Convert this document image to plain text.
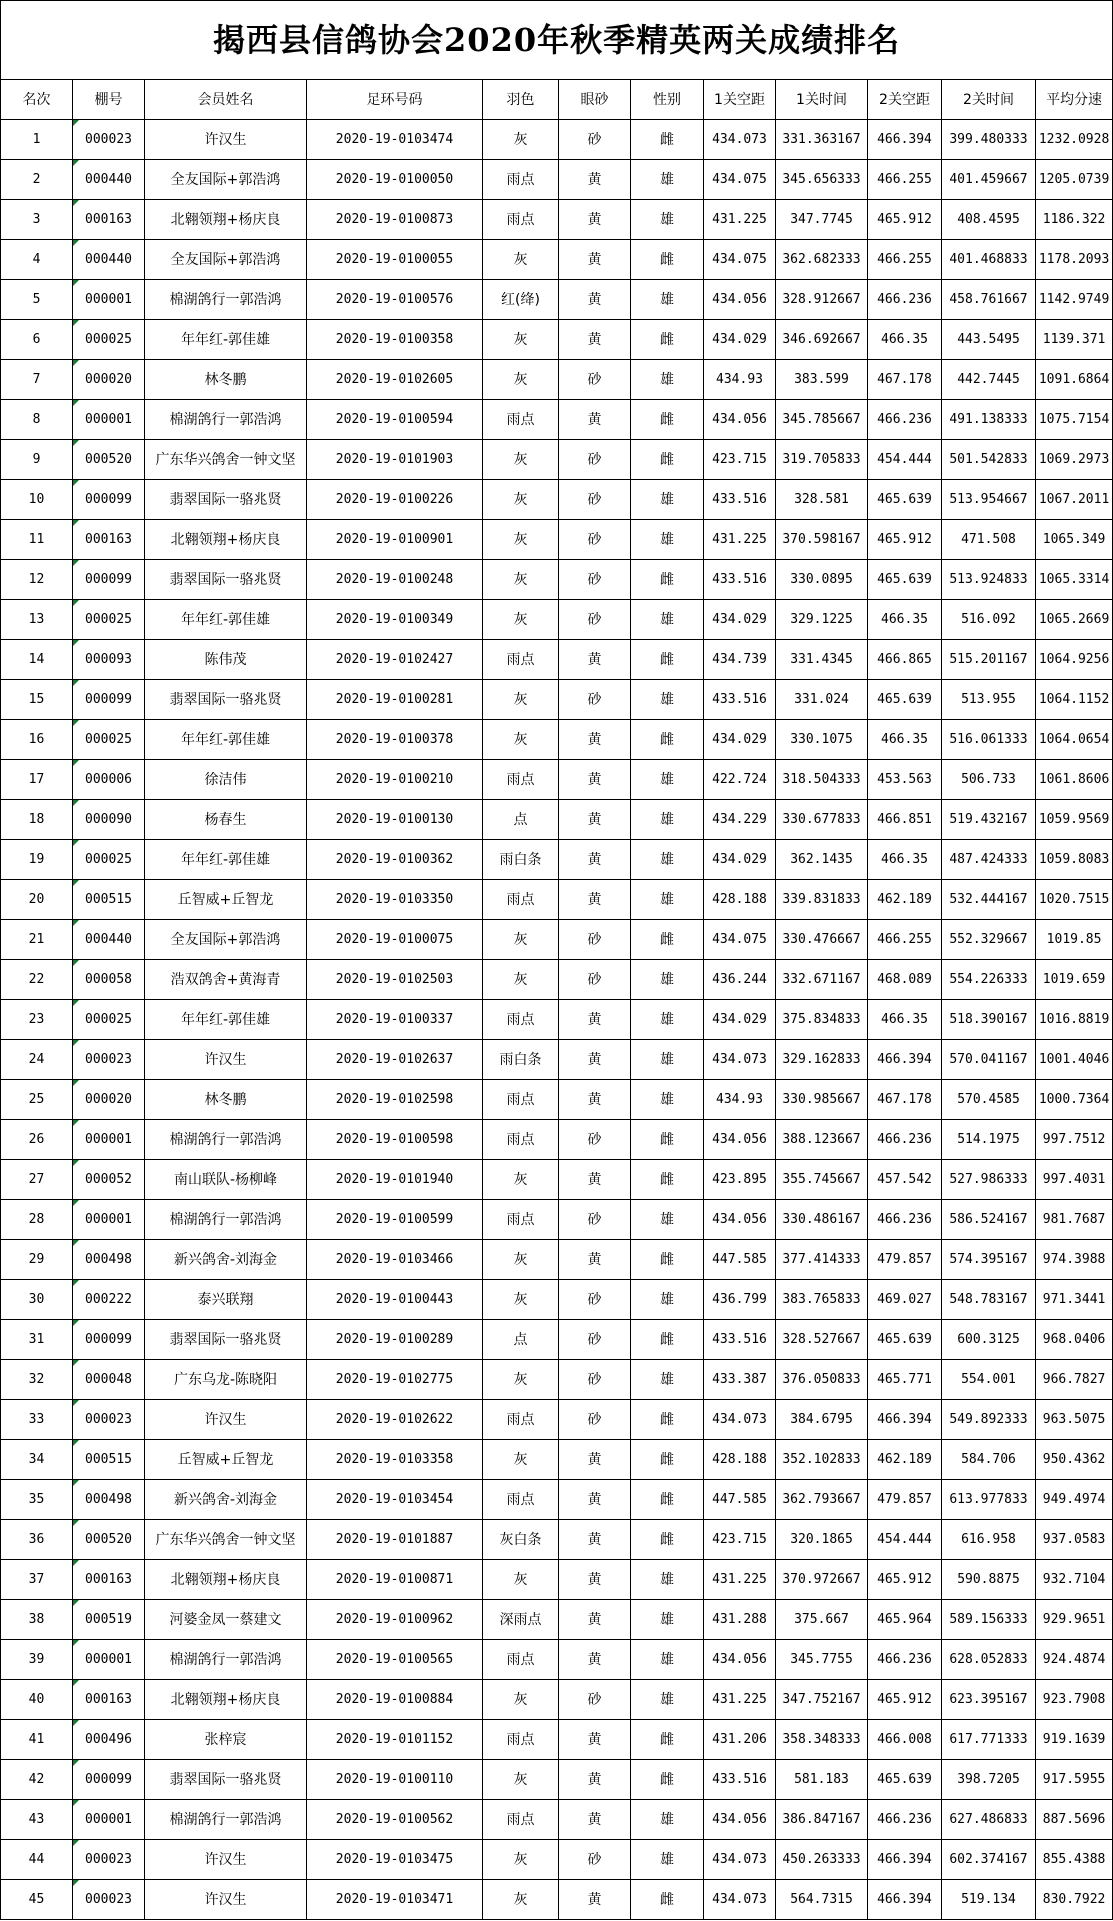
揭西县信鸽协会2020年秋季精英两关成绩排名											
名次	棚号	会员姓名	足环号码	羽色	眼砂	性别	1关空距	1关时间	2关空距	2关时间	平均分速
1	000023	许汉生	2020-19-0103474	灰	砂	雌	434.073	331.363167	466.394	399.480333	1232.0928
2	000440	全友国际+郭浩鸿	2020-19-0100050	雨点	黄	雄	434.075	345.656333	466.255	401.459667	1205.0739
3	000163	北翱领翔+杨庆良	2020-19-0100873	雨点	黄	雄	431.225	347.7745	465.912	408.4595	1186.322
4	000440	全友国际+郭浩鸿	2020-19-0100055	灰	黄	雌	434.075	362.682333	466.255	401.468833	1178.2093
5	000001	棉湖鸽行一郭浩鸿	2020-19-0100576	红(绛)	黄	雄	434.056	328.912667	466.236	458.761667	1142.9749
6	000025	年年红-郭佳雄	2020-19-0100358	灰	黄	雌	434.029	346.692667	466.35	443.5495	1139.371
7	000020	林冬鹏	2020-19-0102605	灰	砂	雄	434.93	383.599	467.178	442.7445	1091.6864
8	000001	棉湖鸽行一郭浩鸿	2020-19-0100594	雨点	黄	雌	434.056	345.785667	466.236	491.138333	1075.7154
9	000520	广东华兴鸽舍一钟文坚	2020-19-0101903	灰	砂	雌	423.715	319.705833	454.444	501.542833	1069.2973
10	000099	翡翠国际一骆兆贤	2020-19-0100226	灰	砂	雄	433.516	328.581	465.639	513.954667	1067.2011
11	000163	北翱领翔+杨庆良	2020-19-0100901	灰	砂	雄	431.225	370.598167	465.912	471.508	1065.349
12	000099	翡翠国际一骆兆贤	2020-19-0100248	灰	砂	雌	433.516	330.0895	465.639	513.924833	1065.3314
13	000025	年年红-郭佳雄	2020-19-0100349	灰	砂	雄	434.029	329.1225	466.35	516.092	1065.2669
14	000093	陈伟茂	2020-19-0102427	雨点	黄	雌	434.739	331.4345	466.865	515.201167	1064.9256
15	000099	翡翠国际一骆兆贤	2020-19-0100281	灰	砂	雄	433.516	331.024	465.639	513.955	1064.1152
16	000025	年年红-郭佳雄	2020-19-0100378	灰	黄	雌	434.029	330.1075	466.35	516.061333	1064.0654
17	000006	徐洁伟	2020-19-0100210	雨点	黄	雄	422.724	318.504333	453.563	506.733	1061.8606
18	000090	杨春生	2020-19-0100130	点	黄	雄	434.229	330.677833	466.851	519.432167	1059.9569
19	000025	年年红-郭佳雄	2020-19-0100362	雨白条	黄	雄	434.029	362.1435	466.35	487.424333	1059.8083
20	000515	丘智威+丘智龙	2020-19-0103350	雨点	黄	雄	428.188	339.831833	462.189	532.444167	1020.7515
21	000440	全友国际+郭浩鸿	2020-19-0100075	灰	砂	雌	434.075	330.476667	466.255	552.329667	1019.85
22	000058	浩双鸽舍+黄海青	2020-19-0102503	灰	砂	雄	436.244	332.671167	468.089	554.226333	1019.659
23	000025	年年红-郭佳雄	2020-19-0100337	雨点	黄	雄	434.029	375.834833	466.35	518.390167	1016.8819
24	000023	许汉生	2020-19-0102637	雨白条	黄	雄	434.073	329.162833	466.394	570.041167	1001.4046
25	000020	林冬鹏	2020-19-0102598	雨点	黄	雄	434.93	330.985667	467.178	570.4585	1000.7364
26	000001	棉湖鸽行一郭浩鸿	2020-19-0100598	雨点	砂	雌	434.056	388.123667	466.236	514.1975	997.7512
27	000052	南山联队-杨柳峰	2020-19-0101940	灰	黄	雌	423.895	355.745667	457.542	527.986333	997.4031
28	000001	棉湖鸽行一郭浩鸿	2020-19-0100599	雨点	砂	雄	434.056	330.486167	466.236	586.524167	981.7687
29	000498	新兴鸽舍-刘海金	2020-19-0103466	灰	黄	雌	447.585	377.414333	479.857	574.395167	974.3988
30	000222	泰兴联翔	2020-19-0100443	灰	砂	雄	436.799	383.765833	469.027	548.783167	971.3441
31	000099	翡翠国际一骆兆贤	2020-19-0100289	点	砂	雌	433.516	328.527667	465.639	600.3125	968.0406
32	000048	广东乌龙-陈晓阳	2020-19-0102775	灰	砂	雄	433.387	376.050833	465.771	554.001	966.7827
33	000023	许汉生	2020-19-0102622	雨点	砂	雌	434.073	384.6795	466.394	549.892333	963.5075
34	000515	丘智威+丘智龙	2020-19-0103358	灰	黄	雌	428.188	352.102833	462.189	584.706	950.4362
35	000498	新兴鸽舍-刘海金	2020-19-0103454	雨点	黄	雌	447.585	362.793667	479.857	613.977833	949.4974
36	000520	广东华兴鸽舍一钟文坚	2020-19-0101887	灰白条	黄	雌	423.715	320.1865	454.444	616.958	937.0583
37	000163	北翱领翔+杨庆良	2020-19-0100871	灰	黄	雄	431.225	370.972667	465.912	590.8875	932.7104
38	000519	河婆金凤一蔡建文	2020-19-0100962	深雨点	黄	雄	431.288	375.667	465.964	589.156333	929.9651
39	000001	棉湖鸽行一郭浩鸿	2020-19-0100565	雨点	黄	雄	434.056	345.7755	466.236	628.052833	924.4874
40	000163	北翱领翔+杨庆良	2020-19-0100884	灰	砂	雄	431.225	347.752167	465.912	623.395167	923.7908
41	000496	张梓宸	2020-19-0101152	雨点	黄	雌	431.206	358.348333	466.008	617.771333	919.1639
42	000099	翡翠国际一骆兆贤	2020-19-0100110	灰	黄	雌	433.516	581.183	465.639	398.7205	917.5955
43	000001	棉湖鸽行一郭浩鸿	2020-19-0100562	雨点	黄	雄	434.056	386.847167	466.236	627.486833	887.5696
44	000023	许汉生	2020-19-0103475	灰	砂	雄	434.073	450.263333	466.394	602.374167	855.4388
45	000023	许汉生	2020-19-0103471	灰	黄	雌	434.073	564.7315	466.394	519.134	830.7922
